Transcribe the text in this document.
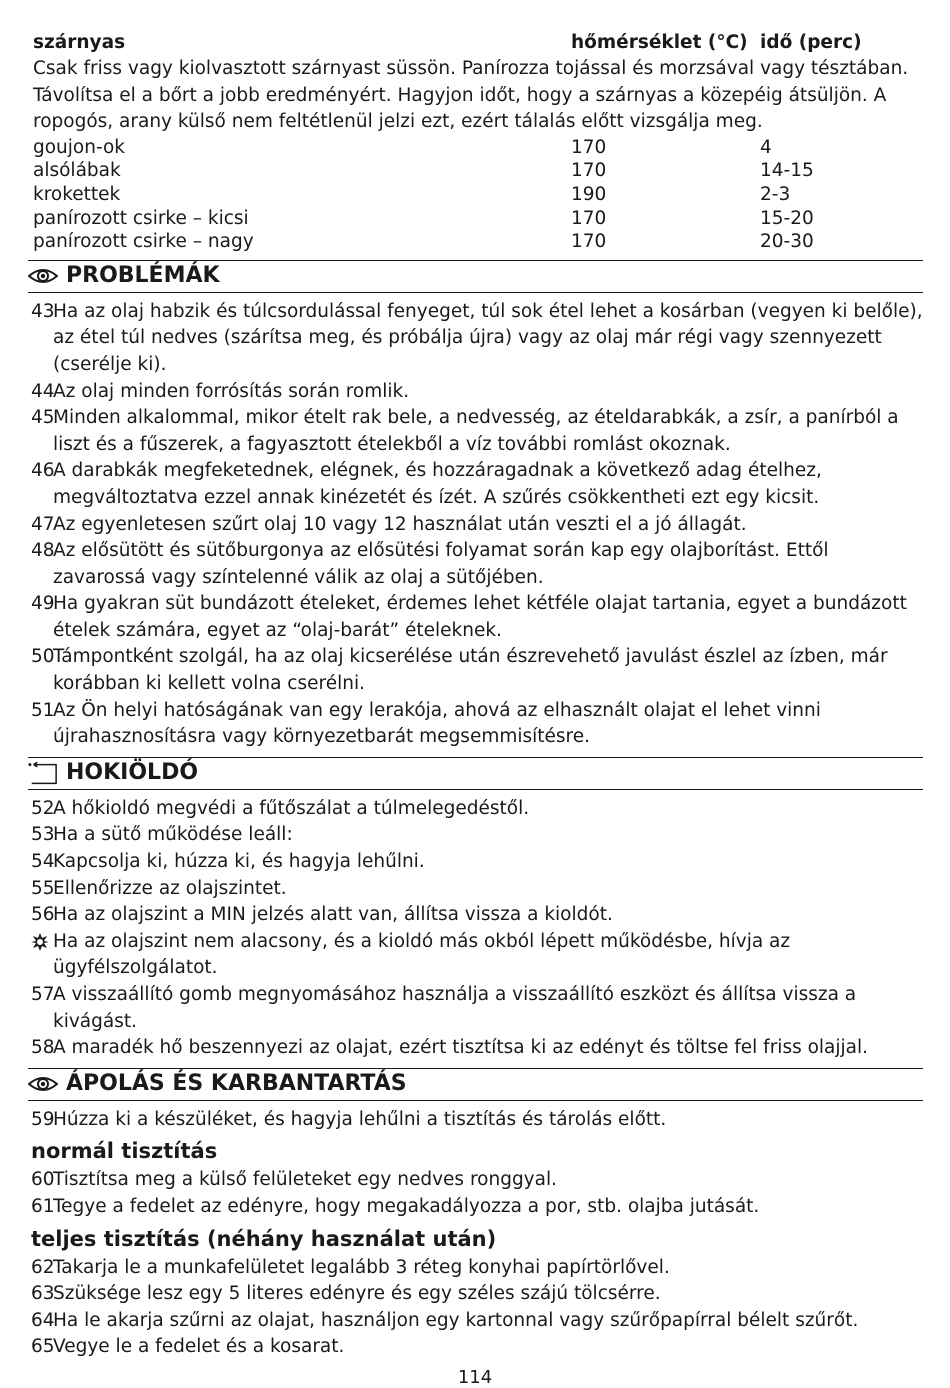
szárnyas	hőmérséklet (°C) idő (perc)

Csak friss vagy kiolvasztott szárnyast süssön. Panírozza tojással és morzsával vagy tésztában. Távolítsa el a bőrt a jobb eredményért. Hagyjon időt, hogy a szárnyas a közepéig átsüljön. A ropogós, arany külső nem feltétlenül jelzi ezt, ezért tálalás előtt vizsgálja meg.

goujon-ok	170	4
alsólábak	170	14-15
krokettek	190	2-3
panírozott csirke – kicsi	170	15-20
panírozott csirke – nagy	170	20-30
PROBLÉMÁK
43
Ha az olaj habzik és túlcsordulással fenyeget, túl sok étel lehet a kosárban (vegyen ki belőle), az étel túl nedves (szárítsa meg, és próbálja újra) vagy az olaj már régi vagy szennyezett (cserélje ki).
44
Az olaj minden forrósítás során romlik.
45
Minden alkalommal, mikor ételt rak bele, a nedvesség, az ételdarabkák, a zsír, a panírból a liszt és a fűszerek, a fagyasztott ételekből a víz további romlást okoznak.
46
A darabkák megfeketednek, elégnek, és hozzáragadnak a következő adag ételhez, megváltoztatva ezzel annak kinézetét és ízét. A szűrés csökkentheti ezt egy kicsit.
47
Az egyenletesen szűrt olaj 10 vagy 12 használat után veszti el a jó állagát.
48
Az elősütött és sütőburgonya az elősütési folyamat során kap egy olajborítást. Ettől zavarossá vagy színtelenné válik az olaj a sütőjében.
49
Ha gyakran süt bundázott ételeket, érdemes lehet kétféle olajat tartania, egyet a bundázott ételek számára, egyet az “olaj-barát” ételeknek.
50
Támpontként szolgál, ha az olaj kicserélése után észrevehető javulást észlel az ízben, már korábban ki kellett volna cserélni.
51
Az Ön helyi hatóságának van egy lerakója, ahová az elhasznált olajat el lehet vinni újrahasznosításra vagy környezetbarát megsemmisítésre.
HOKIÖLDÓ
52
A hőkioldó megvédi a fűtőszálat a túlmelegedéstől.
53
Ha a sütő működése leáll:
54
Kapcsolja ki, húzza ki, és hagyja lehűlni.
55
Ellenőrizze az olajszintet.
56
Ha az olajszint a MIN jelzés alatt van, állítsa vissza a kioldót.
Ha az olajszint nem alacsony, és a kioldó más okból lépett működésbe, hívja az ügyfélszolgálatot.
57
A visszaállító gomb megnyomásához használja a visszaállító eszközt és állítsa vissza a kivágást.
58
A maradék hő beszennyezi az olajat, ezért tisztítsa ki az edényt és töltse fel friss olajjal.
ÁPOLÁS ÉS KARBANTARTÁS
59
Húzza ki a készüléket, és hagyja lehűlni a tisztítás és tárolás előtt.
normál tisztítás
60
Tisztítsa meg a külső felületeket egy nedves ronggyal.
61
Tegye a fedelet az edényre, hogy megakadályozza a por, stb. olajba jutását.
teljes tisztítás (néhány használat után)
62
Takarja le a munkafelületet legalább 3 réteg konyhai papírtörlővel.
63
Szüksége lesz egy 5 literes edényre és egy széles szájú tölcsérre.
64
Ha le akarja szűrni az olajat, használjon egy kartonnal vagy szűrőpapírral bélelt szűrőt.
65
Vegye le a fedelet és a kosarat.
114
